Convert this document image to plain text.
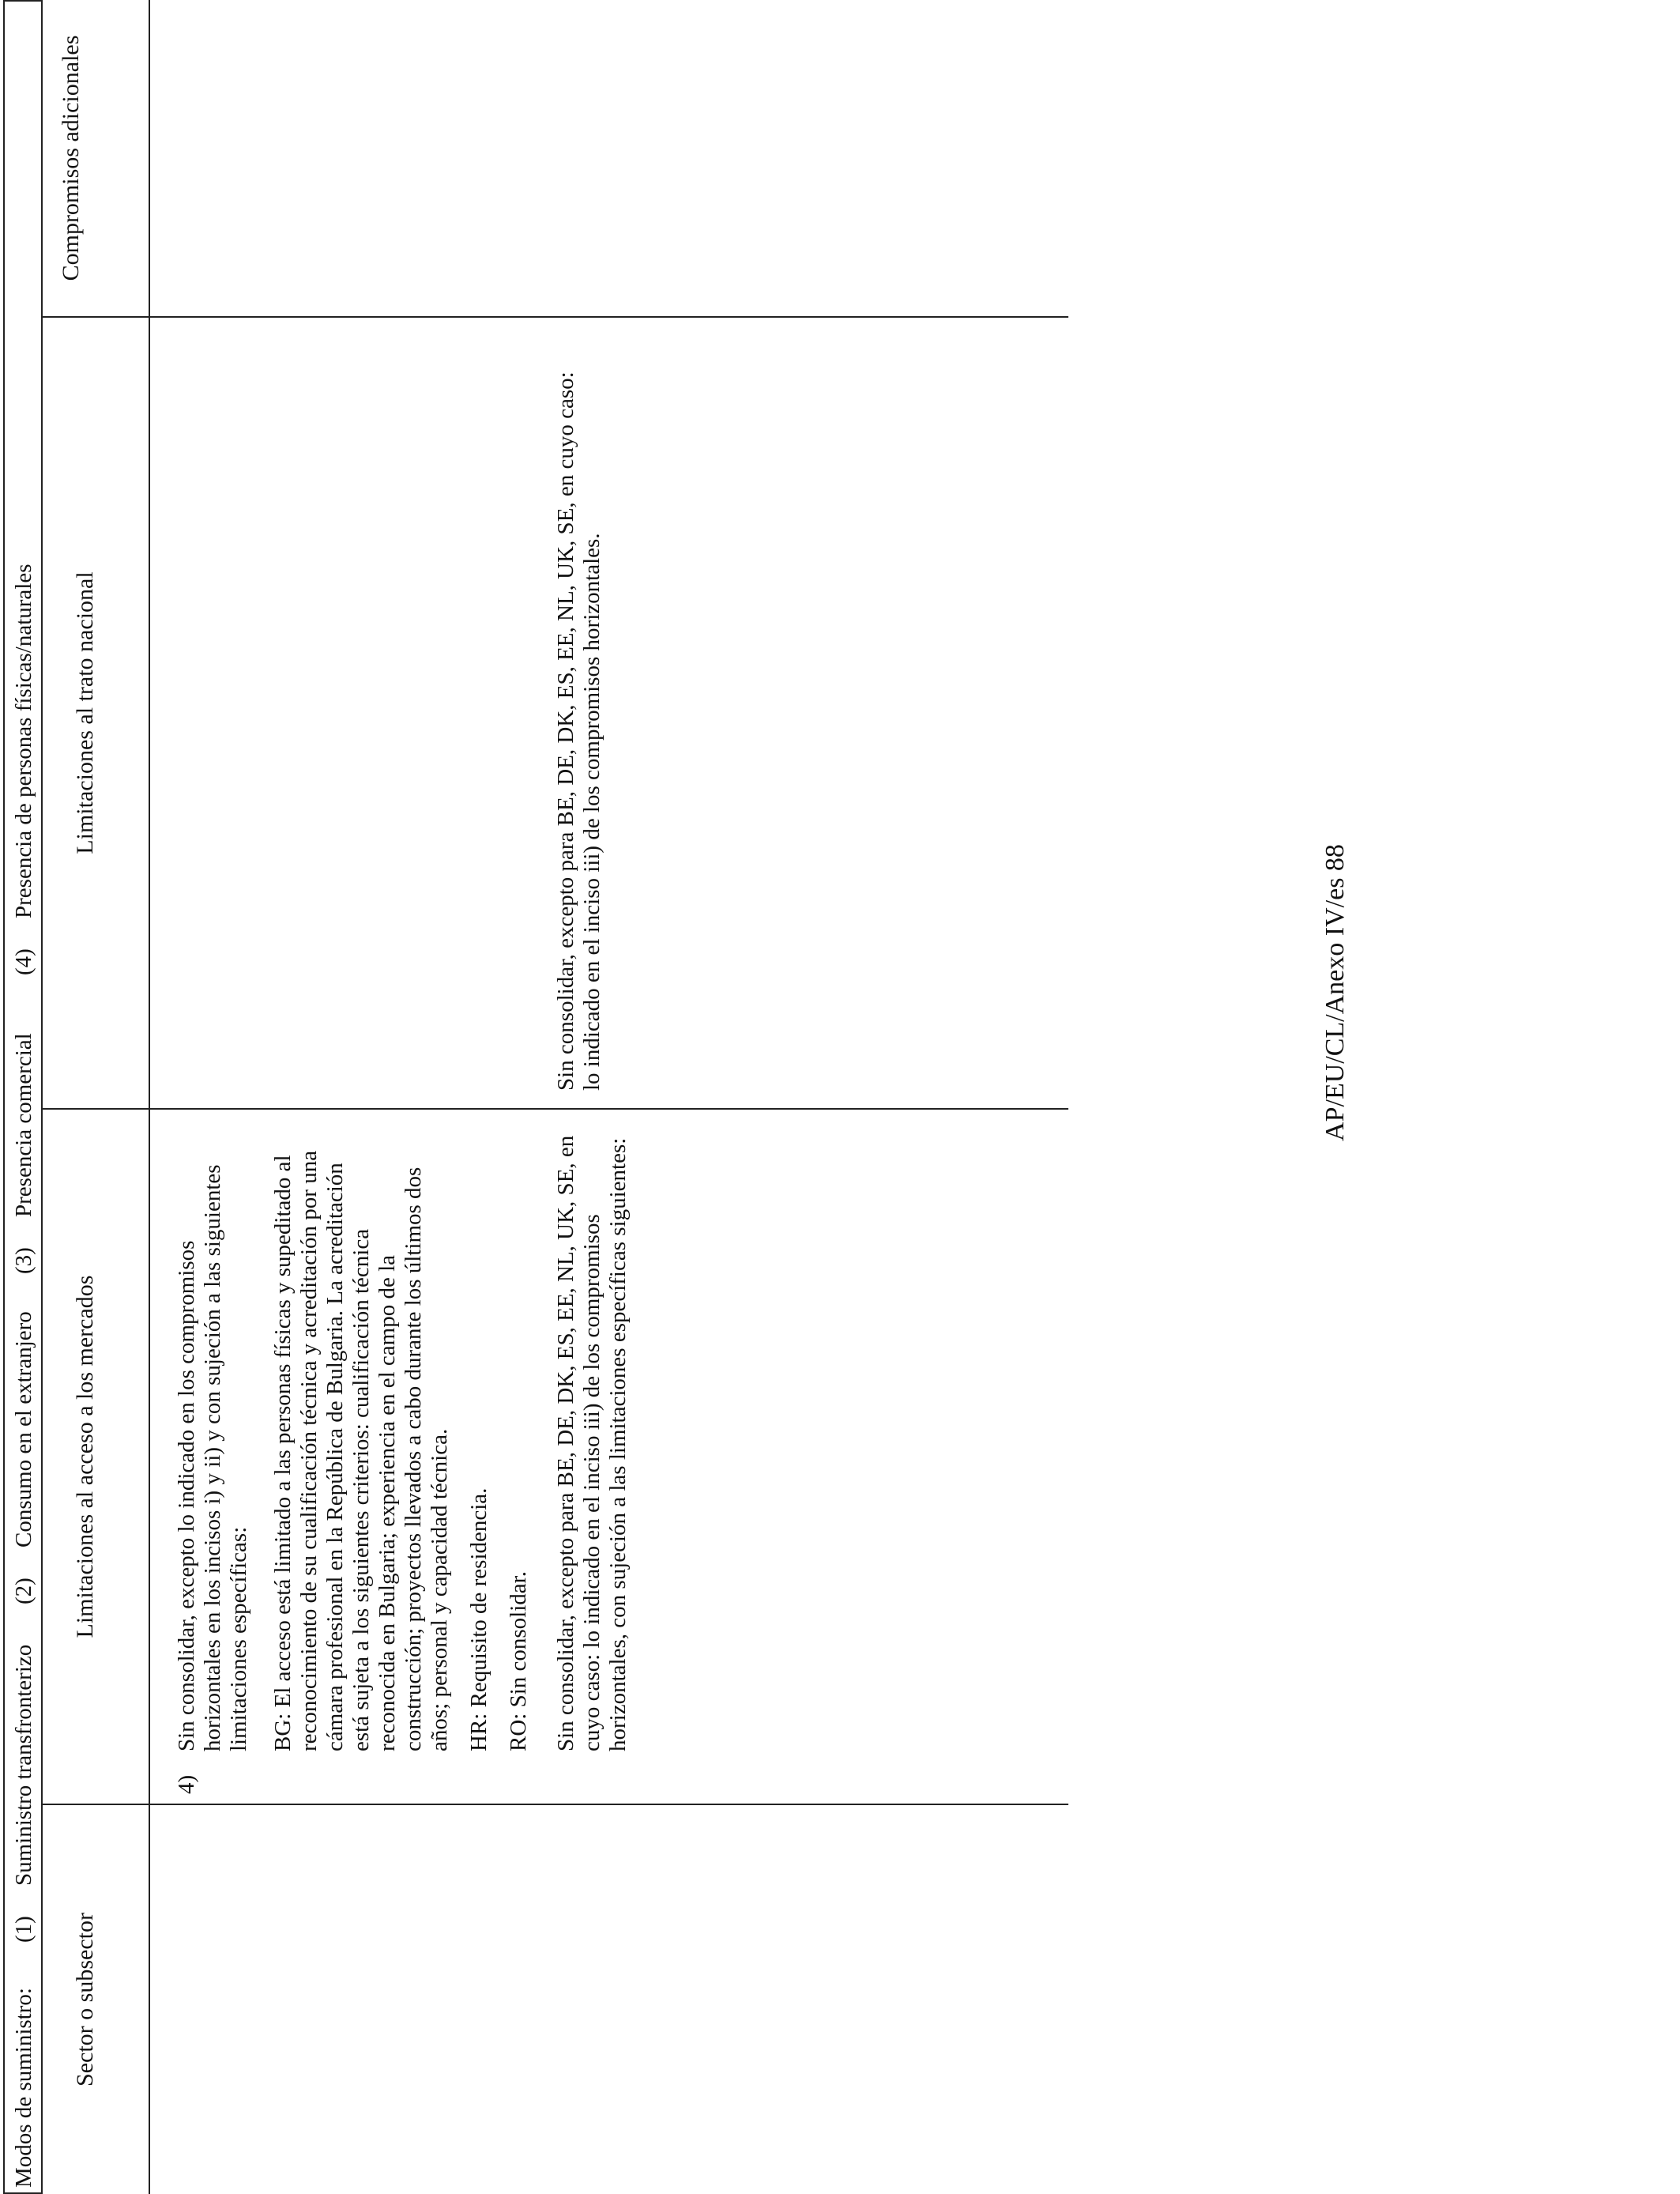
Modos de suministro:
(1)
Suministro transfronterizo
(2)
Consumo en el extranjero
(3)
Presencia comercial
(4)
Presencia de personas físicas/naturales
Sector o subsector
Limitaciones al acceso a los mercados
Limitaciones al trato nacional
Compromisos adicionales
4)
Sin consolidar, excepto lo indicado en los compromisos horizontales en los incisos i) y ii) y con sujeción a las siguientes limitaciones específicas: BG: El acceso está limitado a las personas físicas y supeditado al reconocimiento de su cualificación técnica y acreditación por una cámara profesional en la República de Bulgaria. La acreditación está sujeta a los siguientes criterios: cualificación técnica reconocida en Bulgaria; experiencia en el campo de la construcción; proyectos llevados a cabo durante los últimos dos años; personal y capacidad técnica. HR: Requisito de residencia. RO: Sin consolidar. Sin consolidar, excepto para BE, DE, DK, ES, EE, NL, UK, SE, en cuyo caso: lo indicado en el inciso iii) de los compromisos horizontales, con sujeción a las limitaciones específicas siguientes:
Sin consolidar, excepto para BE, DE, DK, ES, EE, NL, UK, SE, en cuyo caso: lo indicado en el inciso iii) de los compromisos horizontales.	AP/EU/CL/Anexo IV/es 88
